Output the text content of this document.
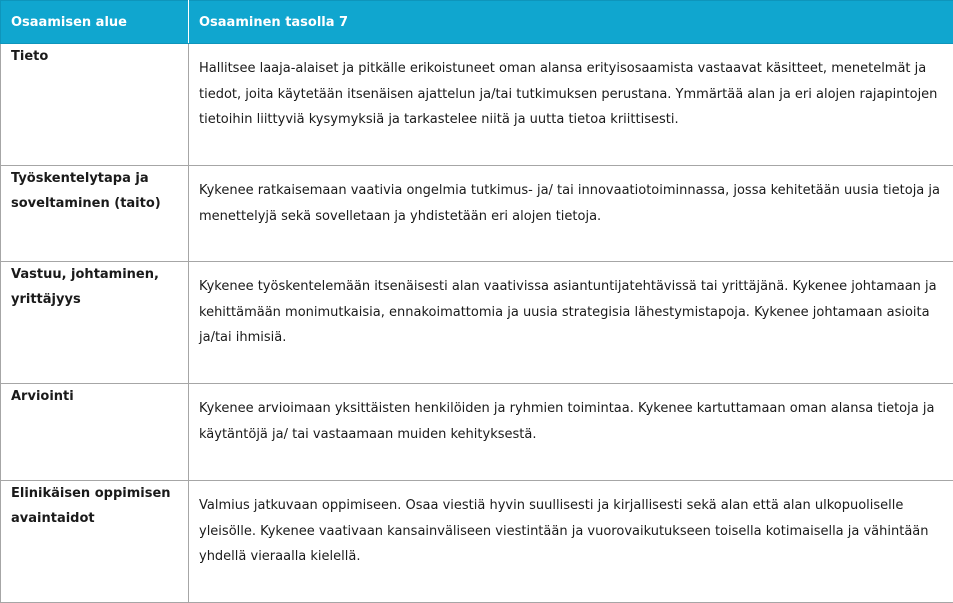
Osaamisen alue	Osaaminen tasolla 7
Tieto	Hallitsee laaja-alaiset ja pitkälle erikoistuneet oman alansa erityisosaamista vastaavat käsitteet, menetelmät ja tiedot, joita käytetään itsenäisen ajattelun ja/tai tutkimuksen perustana. Ymmärtää alan ja eri alojen rajapintojen tietoihin liittyviä kysymyksiä ja tarkastelee niitä ja uutta tietoa kriittisesti.
Työskentelytapa ja soveltaminen (taito)	Kykenee ratkaisemaan vaativia ongelmia tutkimus- ja/ tai innovaatiotoiminnassa, jossa kehitetään uusia tietoja ja menettelyjä sekä sovelletaan ja yhdistetään eri alojen tietoja.
Vastuu, johtaminen, yrittäjyys	Kykenee työskentelemään itsenäisesti alan vaativissa asiantuntijatehtävissä tai yrittäjänä. Kykenee johtamaan ja kehittämään monimutkaisia, ennakoimattomia ja uusia strategisia lähestymistapoja. Kykenee johtamaan asioita ja/tai ihmisiä.
Arviointi	Kykenee arvioimaan yksittäisten henkilöiden ja ryhmien toimintaa. Kykenee kartuttamaan oman alansa tietoja ja käytäntöjä ja/ tai vastaamaan muiden kehityksestä.
Elinikäisen oppimisen avaintaidot	Valmius jatkuvaan oppimiseen. Osaa viestiä hyvin suullisesti ja kirjallisesti sekä alan että alan ulkopuoliselle yleisölle. Kykenee vaativaan kansainväliseen viestintään ja vuorovaikutukseen toisella kotimaisella ja vähintään yhdellä vieraalla kielellä.
